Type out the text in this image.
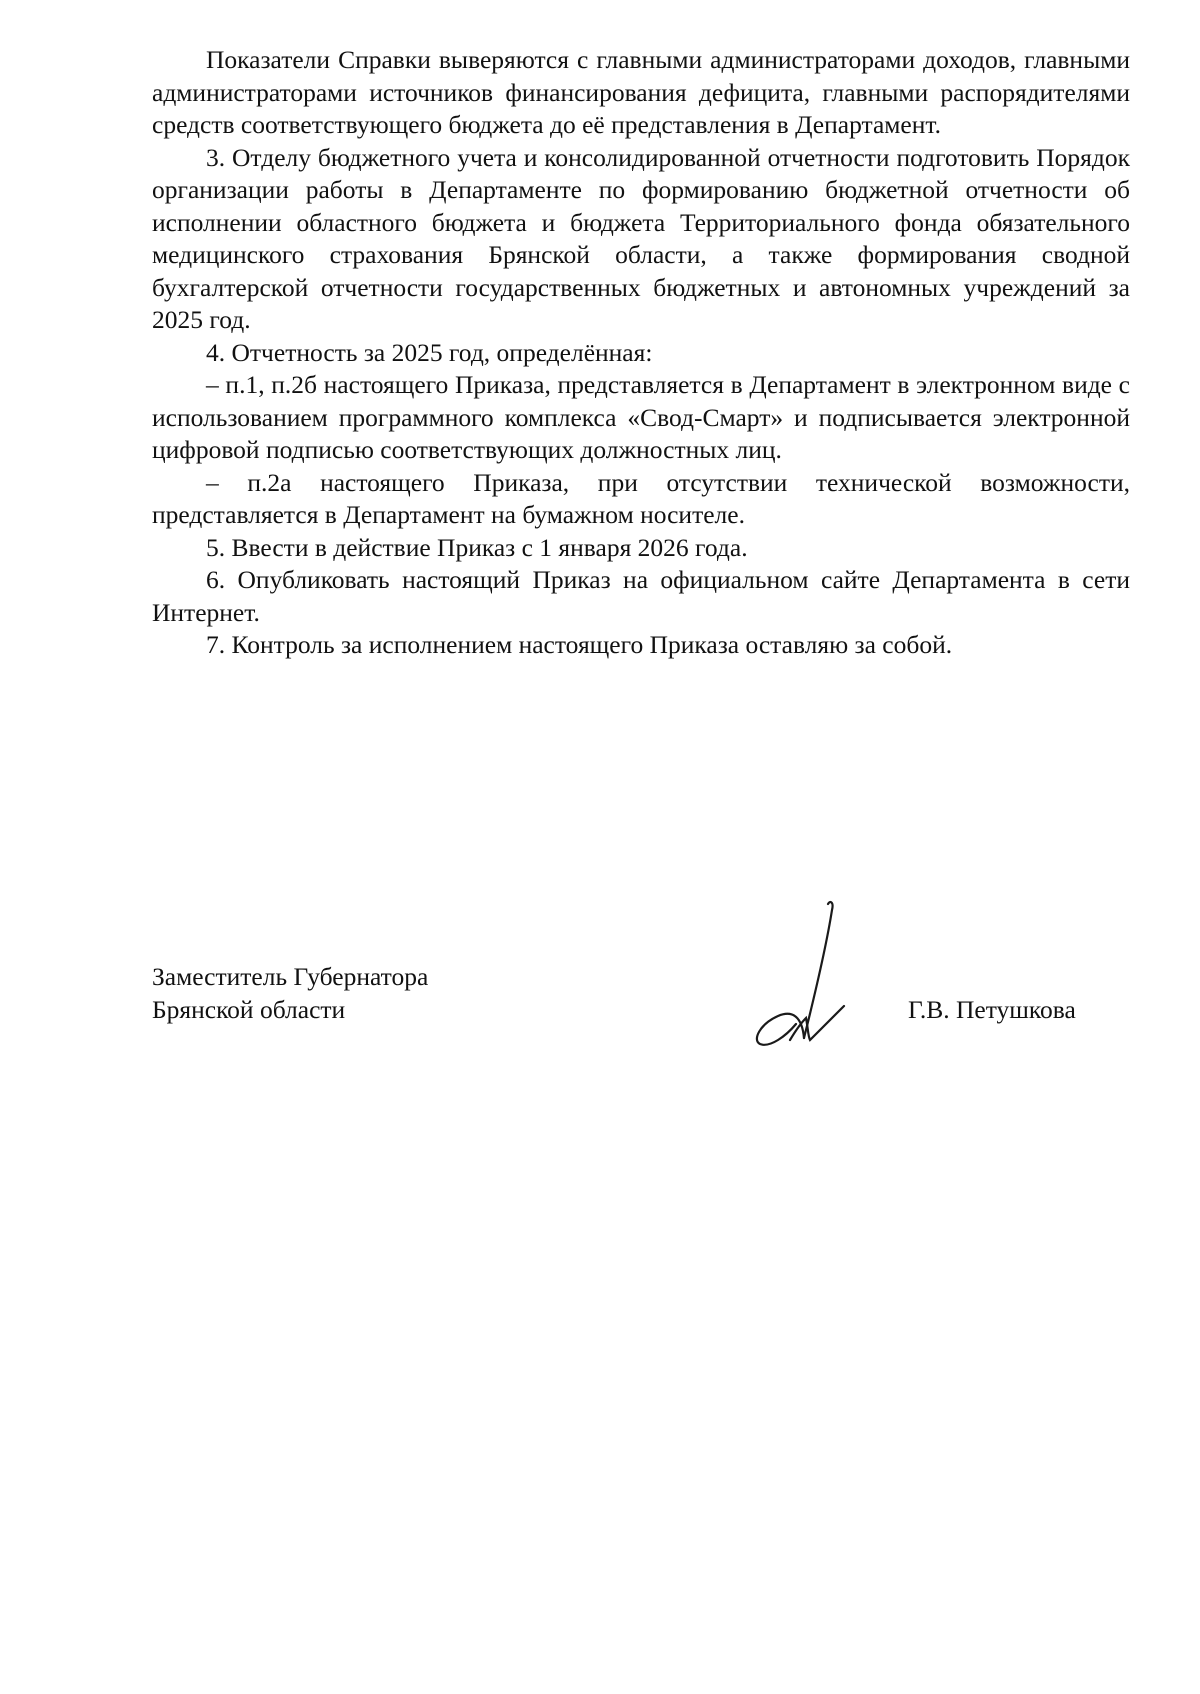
Показатели Справки выверяются с главными администраторами доходов, главными администраторами источников финансирования дефицита, главными распорядителями средств соответствующего бюджета до её представления в Департамент.

3. Отделу бюджетного учета и консолидированной отчетности подготовить Порядок организации работы в Департаменте по формированию бюджетной отчетности об исполнении областного бюджета и бюджета Территориального фонда обязательного медицинского страхования Брянской области, а также формирования сводной бухгалтерской отчетности государственных бюджетных и автономных учреждений за 2025 год.

4. Отчетность за 2025 год, определённая:

– п.1, п.2б настоящего Приказа, представляется в Департамент в электронном виде с использованием программного комплекса «Свод-Смарт» и подписывается электронной цифровой подписью соответствующих должностных лиц.

– п.2а настоящего Приказа, при отсутствии технической возможности, представляется в Департамент на бумажном носителе.

5. Ввести в действие Приказ с 1 января 2026 года.

6. Опубликовать настоящий Приказ на официальном сайте Департамента в сети Интернет.

7. Контроль за исполнением настоящего Приказа оставляю за собой.

Заместитель Губернатора
Брянской области	Г.В. Петушкова
